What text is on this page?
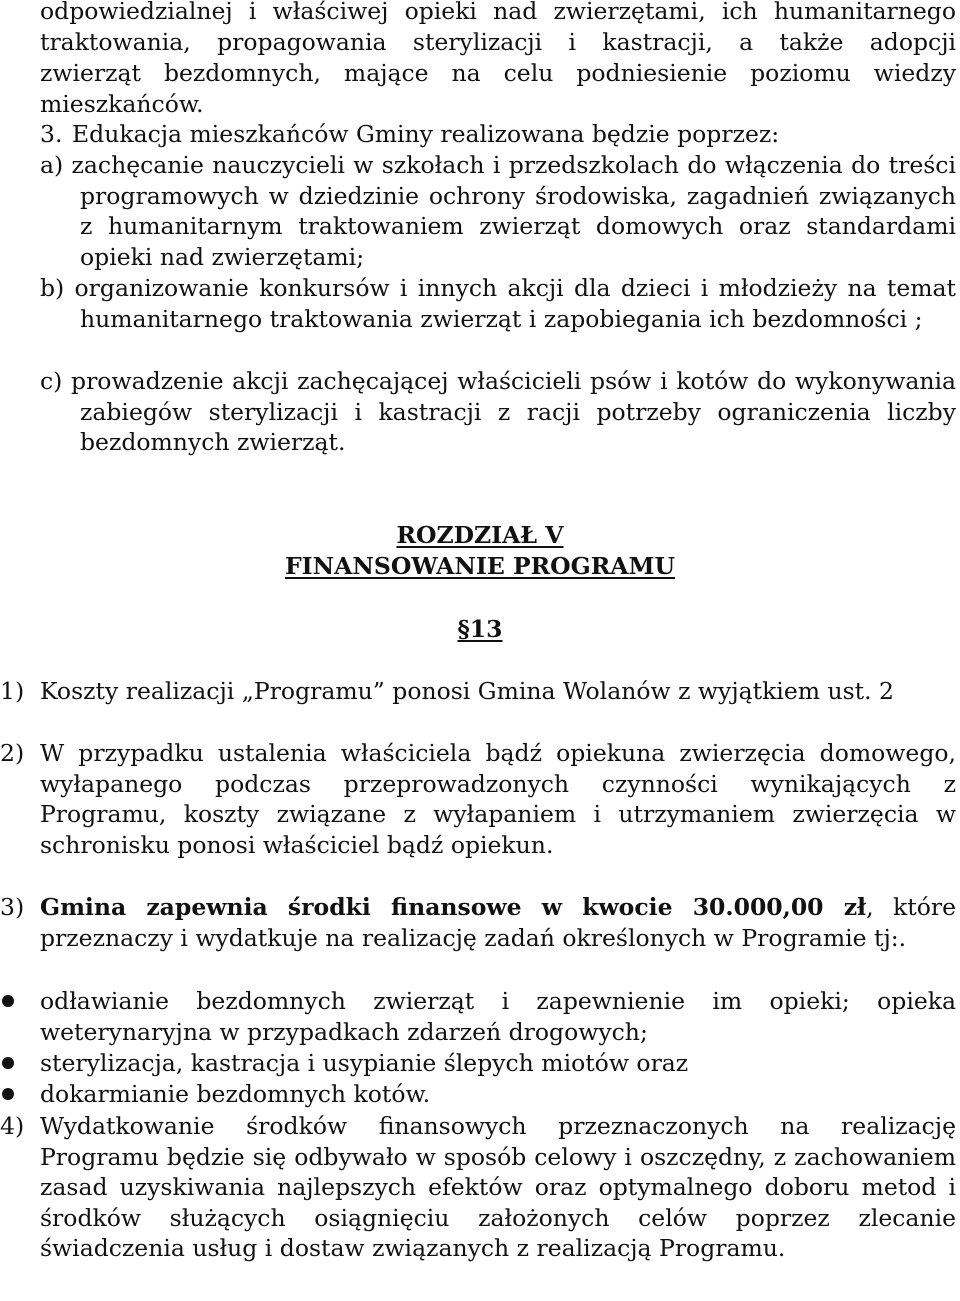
odpowiedzialnej i właściwej opieki nad zwierzętami, ich humanitarnego

traktowania, propagowania sterylizacji i kastracji, a także adopcji

zwierząt bezdomnych, mające na celu podniesienie poziomu wiedzy

mieszkańców.

3. Edukacja mieszkańców Gminy realizowana będzie poprzez:

a) zachęcanie nauczycieli w szkołach i przedszkolach do włączenia do treści programowych w dziedzinie ochrony środowiska, zagadnień związanych z humanitarnym traktowaniem zwierząt domowych oraz standardami opieki nad zwierzętami;

b) organizowanie konkursów i innych akcji dla dzieci i młodzieży na temat humanitarnego traktowania zwierząt i zapobiegania ich bezdomności ;

c) prowadzenie akcji zachęcającej właścicieli psów i kotów do wykonywania zabiegów sterylizacji i kastracji z racji potrzeby ograniczenia liczby bezdomnych zwierząt.

ROZDZIAŁ V
FINANSOWANIE PROGRAMU
§13
1) Koszty realizacji „Programu” ponosi Gmina Wolanów z wyjątkiem ust. 2

2) W przypadku ustalenia właściciela bądź opiekuna zwierzęcia domowego, wyłapanego podczas przeprowadzonych czynności wynikających z Programu, koszty związane z wyłapaniem i utrzymaniem zwierzęcia w schronisku ponosi właściciel bądź opiekun.

3) Gmina zapewnia środki finansowe w kwocie 30.000,00 zł, które przeznaczy i wydatkuje na realizację zadań określonych w Programie tj:.

odławianie bezdomnych zwierząt i zapewnienie im opieki; opieka weterynaryjna w przypadkach zdarzeń drogowych;

sterylizacja, kastracja i usypianie ślepych miotów oraz

dokarmianie bezdomnych kotów.

4) Wydatkowanie środków finansowych przeznaczonych na realizację Programu będzie się odbywało w sposób celowy i oszczędny, z zachowaniem zasad uzyskiwania najlepszych efektów oraz optymalnego doboru metod i środków służących osiągnięciu założonych celów poprzez zlecanie świadczenia usług i dostaw związanych z realizacją Programu.
